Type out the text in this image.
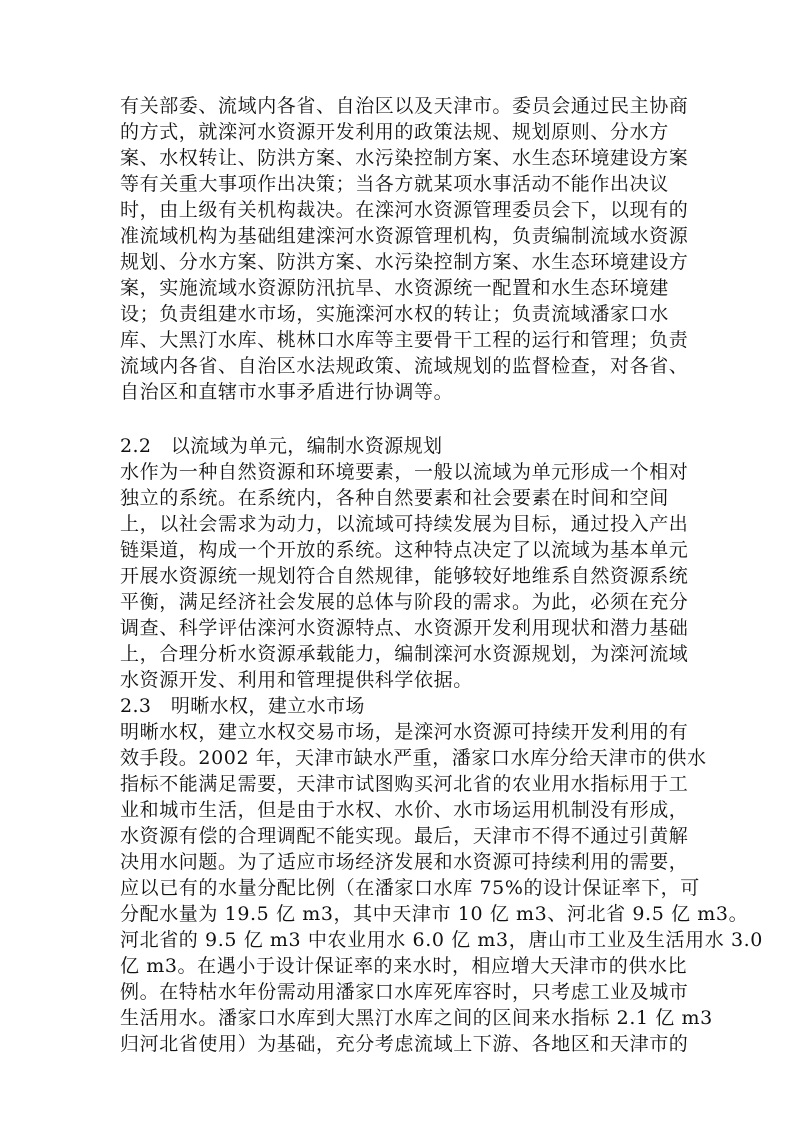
有关部委、流域内各省、自治区以及天津市。委员会通过民主协商
的方式，就滦河水资源开发利用的政策法规、规划原则、分水方
案、水权转让、防洪方案、水污染控制方案、水生态环境建设方案
等有关重大事项作出决策；当各方就某项水事活动不能作出决议
时，由上级有关机构裁决。在滦河水资源管理委员会下，以现有的
准流域机构为基础组建滦河水资源管理机构，负责编制流域水资源
规划、分水方案、防洪方案、水污染控制方案、水生态环境建设方
案，实施流域水资源防汛抗旱、水资源统一配置和水生态环境建
设；负责组建水市场，实施滦河水权的转让；负责流域潘家口水
库、大黑汀水库、桃林口水库等主要骨干工程的运行和管理；负责
流域内各省、自治区水法规政策、流域规划的监督检查，对各省、
自治区和直辖市水事矛盾进行协调等。
2.2　以流域为单元，编制水资源规划
水作为一种自然资源和环境要素，一般以流域为单元形成一个相对
独立的系统。在系统内，各种自然要素和社会要素在时间和空间
上，以社会需求为动力，以流域可持续发展为目标，通过投入产出
链渠道，构成一个开放的系统。这种特点决定了以流域为基本单元
开展水资源统一规划符合自然规律，能够较好地维系自然资源系统
平衡，满足经济社会发展的总体与阶段的需求。为此，必须在充分
调查、科学评估滦河水资源特点、水资源开发利用现状和潜力基础
上，合理分析水资源承载能力，编制滦河水资源规划，为滦河流域
水资源开发、利用和管理提供科学依据。
2.3　明晰水权，建立水市场
明晰水权，建立水权交易市场，是滦河水资源可持续开发利用的有
效手段。2002 年，天津市缺水严重，潘家口水库分给天津市的供水
指标不能满足需要，天津市试图购买河北省的农业用水指标用于工
业和城市生活，但是由于水权、水价、水市场运用机制没有形成，
水资源有偿的合理调配不能实现。最后，天津市不得不通过引黄解
决用水问题。为了适应市场经济发展和水资源可持续利用的需要，
应以已有的水量分配比例（在潘家口水库 75%的设计保证率下，可
分配水量为 19.5 亿 m3，其中天津市 10 亿 m3、河北省 9.5 亿 m3。
河北省的 9.5 亿 m3 中农业用水 6.0 亿 m3，唐山市工业及生活用水 3.0
亿 m3。在遇小于设计保证率的来水时，相应增大天津市的供水比
例。在特枯水年份需动用潘家口水库死库容时，只考虑工业及城市
生活用水。潘家口水库到大黑汀水库之间的区间来水指标 2.1 亿 m3
归河北省使用）为基础，充分考虑流域上下游、各地区和天津市的
